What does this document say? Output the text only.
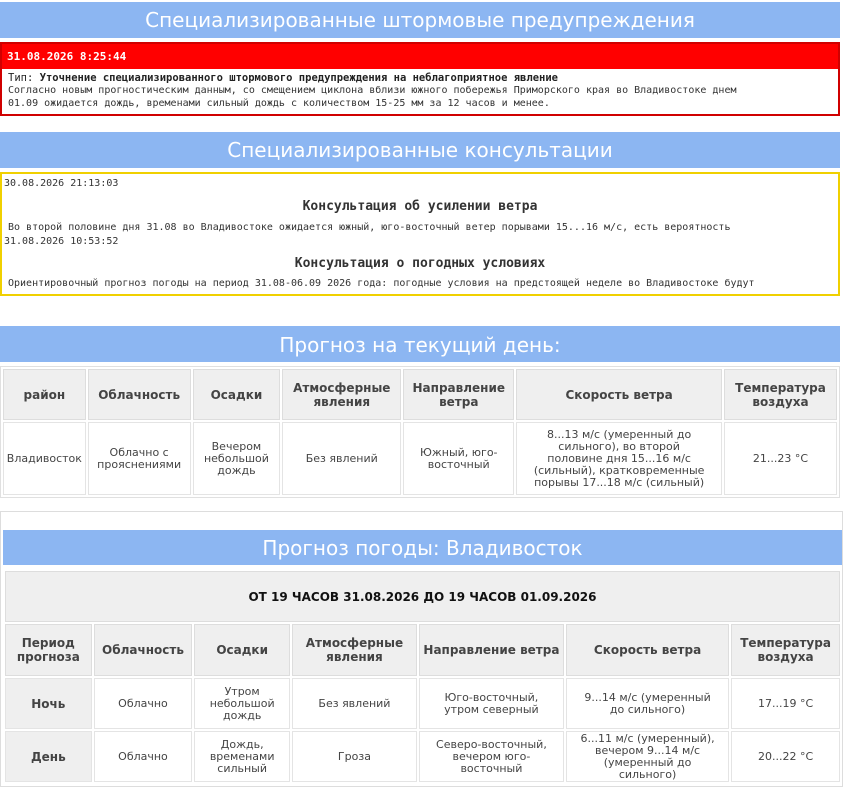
Специализированные штормовые предупреждения
31.08.2026 8:25:44
Тип: Уточнение специализированного штормового предупреждения на неблагоприятное явление
Согласно новым прогностическим данным, со смещением циклона вблизи южного побережья Приморского края во Владивостоке днем
01.09 ожидается дождь, временами сильный дождь с количеством 15-25 мм за 12 часов и менее.
Специализированные консультации
30.08.2026 21:13:03
Консультация об усилении ветра
Во второй половине дня 31.08 во Владивостоке ожидается южный, юго-восточный ветер порывами 15...16 м/с, есть вероятность
31.08.2026 10:53:52
Консультация о погодных условиях
Ориентировочный прогноз погоды на период 31.08-06.09 2026 года: погодные условия на предстоящей неделе во Владивостоке будут
Прогноз на текущий день:
район	Облачность	Осадки	Атмосферные явления	Направление ветра	Скорость ветра	Температура воздуха
Владивосток	Облачно с прояснениями	Вечером небольшой дождь	Без явлений	Южный, юго-восточный	8...13 м/с (умеренный до сильного), во второй половине дня 15...16 м/с (сильный), кратковременные порывы 17...18 м/с (сильный)	21...23 °C
Прогноз погоды: Владивосток
ОТ 19 ЧАСОВ 31.08.2026 ДО 19 ЧАСОВ 01.09.2026						
Период прогноза	Облачность	Осадки	Атмосферные явления	Направление ветра	Скорость ветра	Температура воздуха
Ночь	Облачно	Утром небольшой дождь	Без явлений	Юго-восточный, утром северный	9...14 м/с (умеренный до сильного)	17...19 °C
День	Облачно	Дождь, временами сильный	Гроза	Северо-восточный, вечером юго-восточный	6...11 м/с (умеренный), вечером 9...14 м/с (умеренный до сильного)	20...22 °C
